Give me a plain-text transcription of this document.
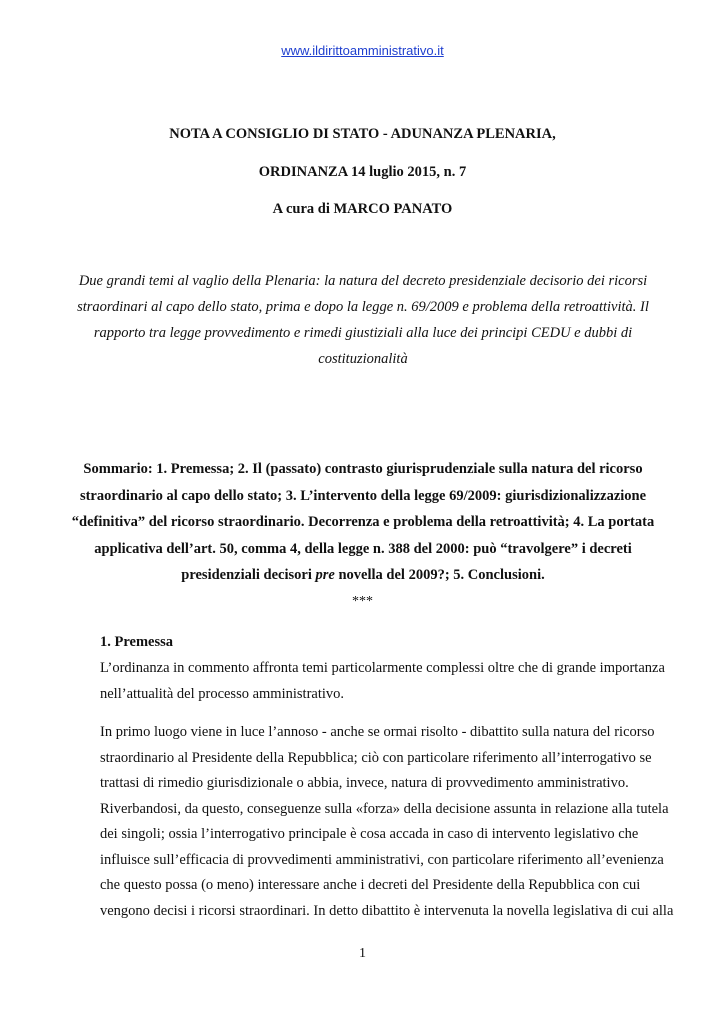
www.ildirittoamministrativo.it
NOTA A CONSIGLIO DI STATO - ADUNANZA PLENARIA,
ORDINANZA 14 luglio 2015, n. 7
A cura di MARCO PANATO
Due grandi temi al vaglio della Plenaria: la natura del decreto presidenziale decisorio dei ricorsi straordinari al capo dello stato, prima e dopo la legge n. 69/2009 e problema della retroattività. Il rapporto tra legge provvedimento e rimedi giustiziali alla luce dei principi CEDU e dubbi di costituzionalità
Sommario: 1. Premessa; 2. Il (passato) contrasto giurisprudenziale sulla natura del ricorso straordinario al capo dello stato; 3. L’intervento della legge 69/2009: giurisdizionalizzazione “definitiva” del ricorso straordinario. Decorrenza e problema della retroattività; 4. La portata applicativa dell’art. 50, comma 4, della legge n. 388 del 2000: può “travolgere” i decreti presidenziali decisori pre novella del 2009?; 5. Conclusioni.
***
1. Premessa
L’ordinanza in commento affronta temi particolarmente complessi oltre che di grande importanza
nell’attualità del processo amministrativo.
In primo luogo viene in luce l’annoso - anche se ormai risolto - dibattito sulla natura del ricorso
straordinario al Presidente della Repubblica; ciò con particolare riferimento all’interrogativo se
trattasi di rimedio giurisdizionale o abbia, invece, natura di provvedimento amministrativo.
Riverbandosi, da questo, conseguenze sulla «forza» della decisione assunta in relazione alla tutela
dei singoli; ossia l’interrogativo principale è cosa accada in caso di intervento legislativo che
influisce sull’efficacia di provvedimenti amministrativi, con particolare riferimento all’evenienza
che questo possa (o meno) interessare anche i decreti del Presidente della Repubblica con cui
vengono decisi i ricorsi straordinari. In detto dibattito è intervenuta la novella legislativa di cui alla
1
